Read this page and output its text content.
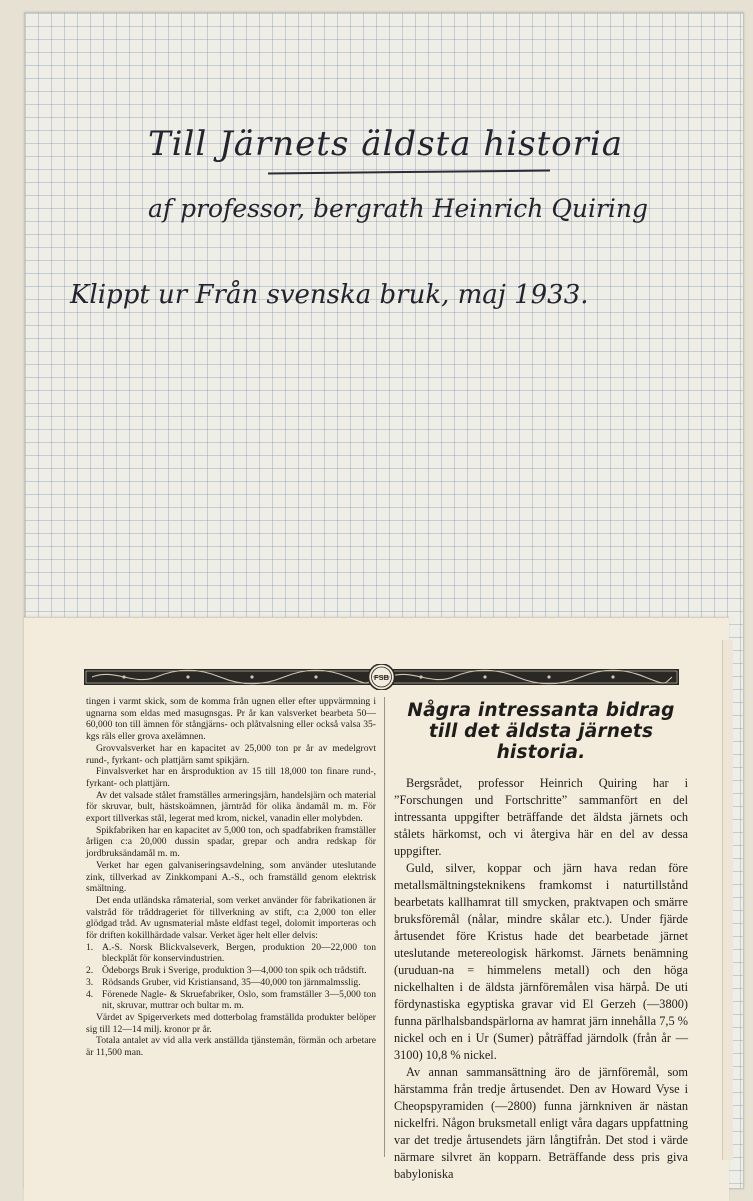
Till Järnets äldsta historia
af professor, bergrath Heinrich Quiring
Klippt ur Från svenska bruk, maj 1933.
FSB

tingen i varmt skick, som de komma från ugnen eller efter uppvärmning i ugnarna som eldas med masugnsgas. Pr år kan valsverket bearbeta 50—60,000 ton till ämnen för stångjärns- och plåtvalsning eller också valsa 35-kgs räls eller grova axelämnen.

Grovvalsverket har en kapacitet av 25,000 ton pr år av medelgrovt rund-, fyrkant- och plattjärn samt spikjärn.

Finvalsverket har en årsproduktion av 15 till 18,000 ton finare rund-, fyrkant- och plattjärn.

Av det valsade stålet framställes armeringsjärn, handelsjärn och material för skruvar, bult, hästskoämnen, järntråd för olika ändamål m. m. För export tillverkas stål, legerat med krom, nickel, vanadin eller molybden.

Spikfabriken har en kapacitet av 5,000 ton, och spadfabriken framställer årligen c:a 20,000 dussin spadar, grepar och andra redskap för jordbruksändamål m. m.

Verket har egen galvaniseringsavdelning, som använder uteslutande zink, tillverkad av Zinkkompani A.-S., och framställd genom elektrisk smältning.

Det enda utländska råmaterial, som verket använder för fabrikationen är valstråd för tråddrageriet för tillverkning av stift, c:a 2,000 ton eller glödgad tråd. Av ugnsmaterial måste eldfast tegel, dolomit importeras och för driften kokillhärdade valsar. Verket äger helt eller delvis:

1. A.-S. Norsk Blickvalseverk, Bergen, produktion 20—22,000 ton bleckplåt för konservindustrien.
2. Ödeborgs Bruk i Sverige, produktion 3—4,000 ton spik och trådstift.
3. Rödsands Gruber, vid Kristiansand, 35—40,000 ton järnmalmsslig.
4. Förenede Nagle- & Skruefabriker, Oslo, som framställer 3—5,000 ton nit, skruvar, muttrar och bultar m. m.

Värdet av Spigerverkets med dotterbolag framställda produkter belöper sig till 12—14 milj. kronor pr år.

Totala antalet av vid alla verk anställda tjänstemän, förmän och arbetare är 11,500 man.

Några intressanta bidrag till det äldsta järnets historia.

Bergsrådet, professor Heinrich Quiring har i ”Forschungen und Fortschritte” sammanfört en del intressanta uppgifter beträffande det äldsta järnets och stålets härkomst, och vi återgiva här en del av dessa uppgifter.

Guld, silver, koppar och järn hava redan före metallsmältningsteknikens framkomst i naturtillstånd bearbetats kallhamrat till smycken, praktvapen och smärre bruksföremål (nålar, mindre skålar etc.). Under fjärde årtusendet före Kristus hade det bearbetade järnet uteslutande metereologisk härkomst. Järnets benämning (uruduan-na = himmelens metall) och den höga nickelhalten i de äldsta järnföremålen visa härpå. De uti fördynastiska egyptiska gravar vid El Gerzeh (—3800) funna pärlhalsbandspärlorna av hamrat järn innehålla 7,5 % nickel och en i Ur (Sumer) påträffad järndolk (från år —3100) 10,8 % nickel.

Av annan sammansättning äro de järnföremål, som härstamma från tredje årtusendet. Den av Howard Vyse i Cheopspyramiden (—2800) funna järnkniven är nästan nickelfri. Någon bruksmetall enligt våra dagars uppfattning var det tredje årtusendets järn långtifrån. Det stod i värde närmare silvret än kopparn. Beträffande dess pris giva babyloniska
